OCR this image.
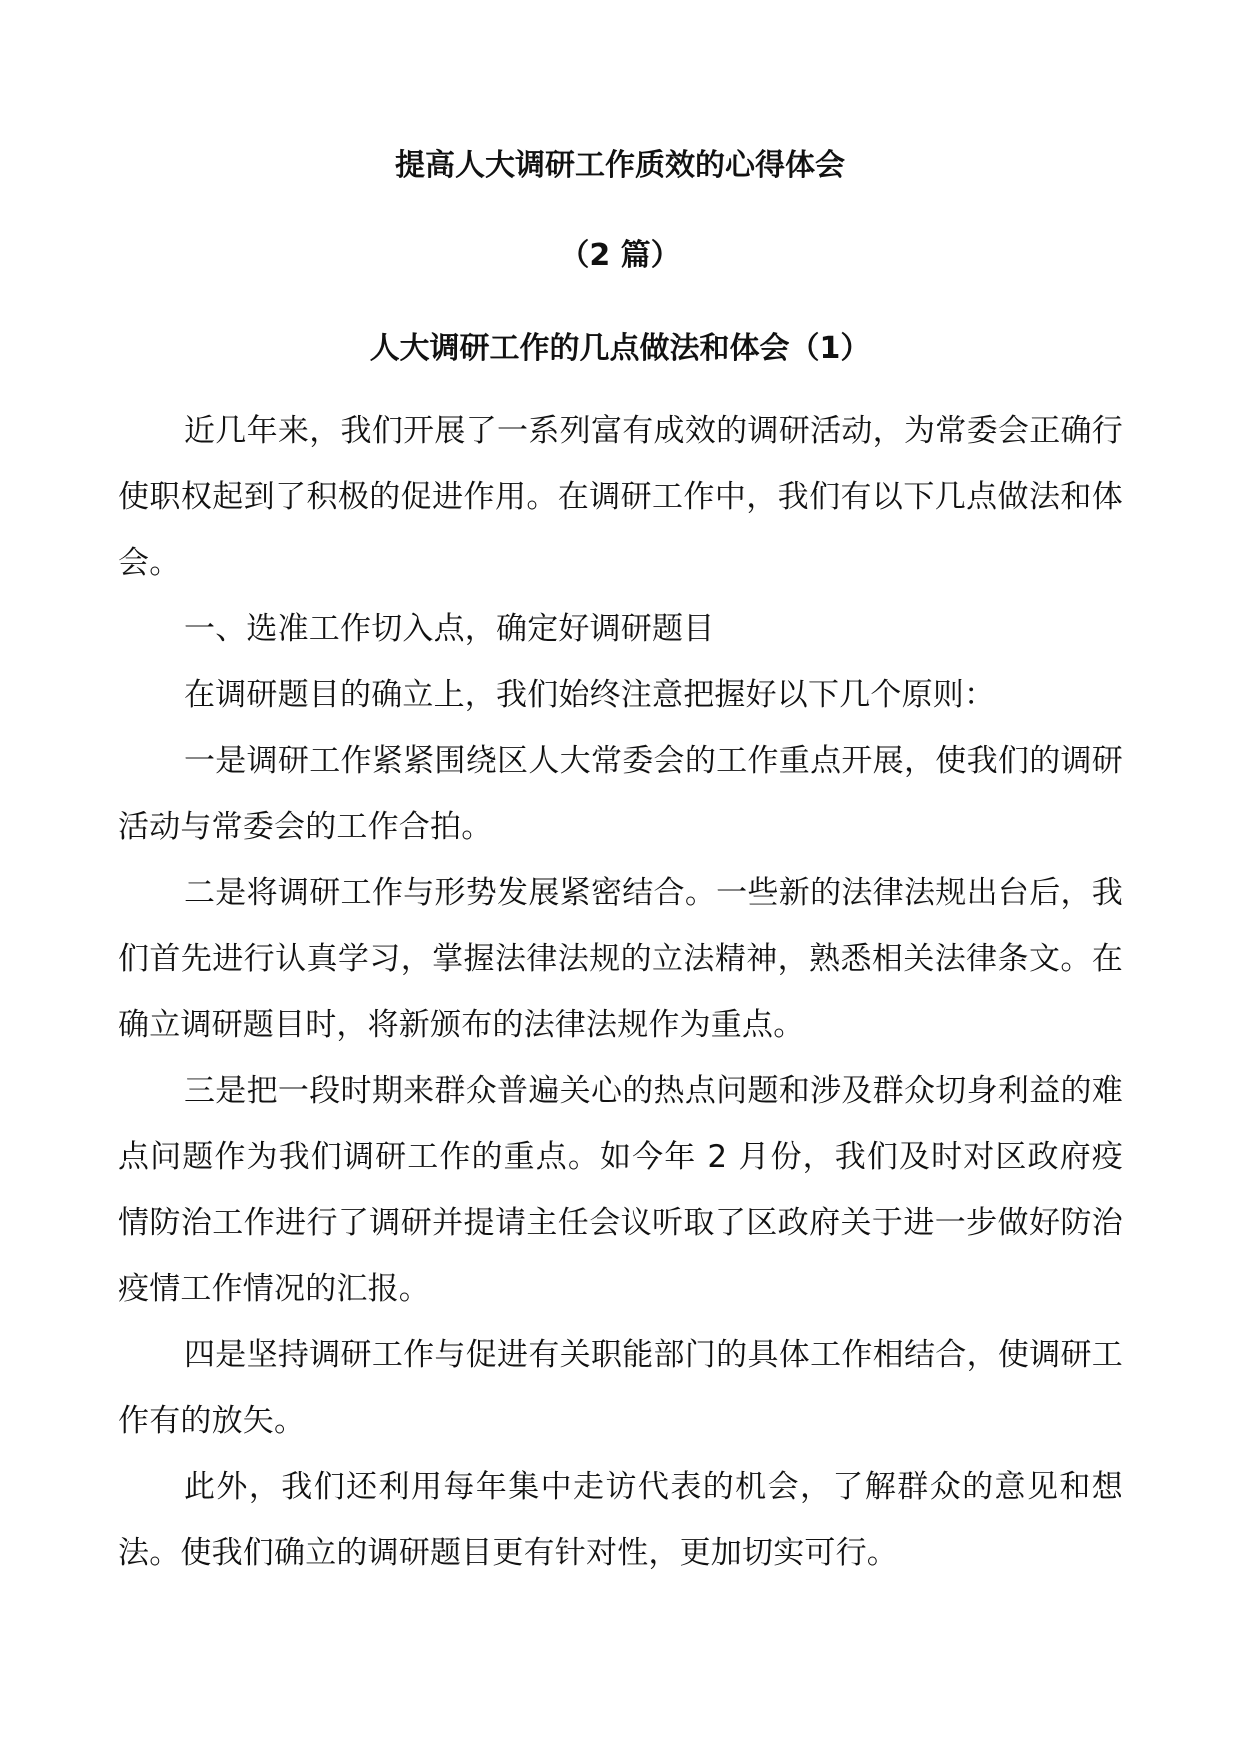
提高人大调研工作质效的心得体会
（2 篇）
人大调研工作的几点做法和体会（1）

近几年来，我们开展了一系列富有成效的调研活动，为常委会正确行使职权起到了积极的促进作用。在调研工作中，我们有以下几点做法和体会。

一、选准工作切入点，确定好调研题目

在调研题目的确立上，我们始终注意把握好以下几个原则：

一是调研工作紧紧围绕区人大常委会的工作重点开展，使我们的调研活动与常委会的工作合拍。

二是将调研工作与形势发展紧密结合。一些新的法律法规出台后，我们首先进行认真学习，掌握法律法规的立法精神，熟悉相关法律条文。在确立调研题目时，将新颁布的法律法规作为重点。

三是把一段时期来群众普遍关心的热点问题和涉及群众切身利益的难点问题作为我们调研工作的重点。如今年 2 月份，我们及时对区政府疫情防治工作进行了调研并提请主任会议听取了区政府关于进一步做好防治疫情工作情况的汇报。

四是坚持调研工作与促进有关职能部门的具体工作相结合，使调研工作有的放矢。

此外，我们还利用每年集中走访代表的机会，了解群众的意见和想法。使我们确立的调研题目更有针对性，更加切实可行。
